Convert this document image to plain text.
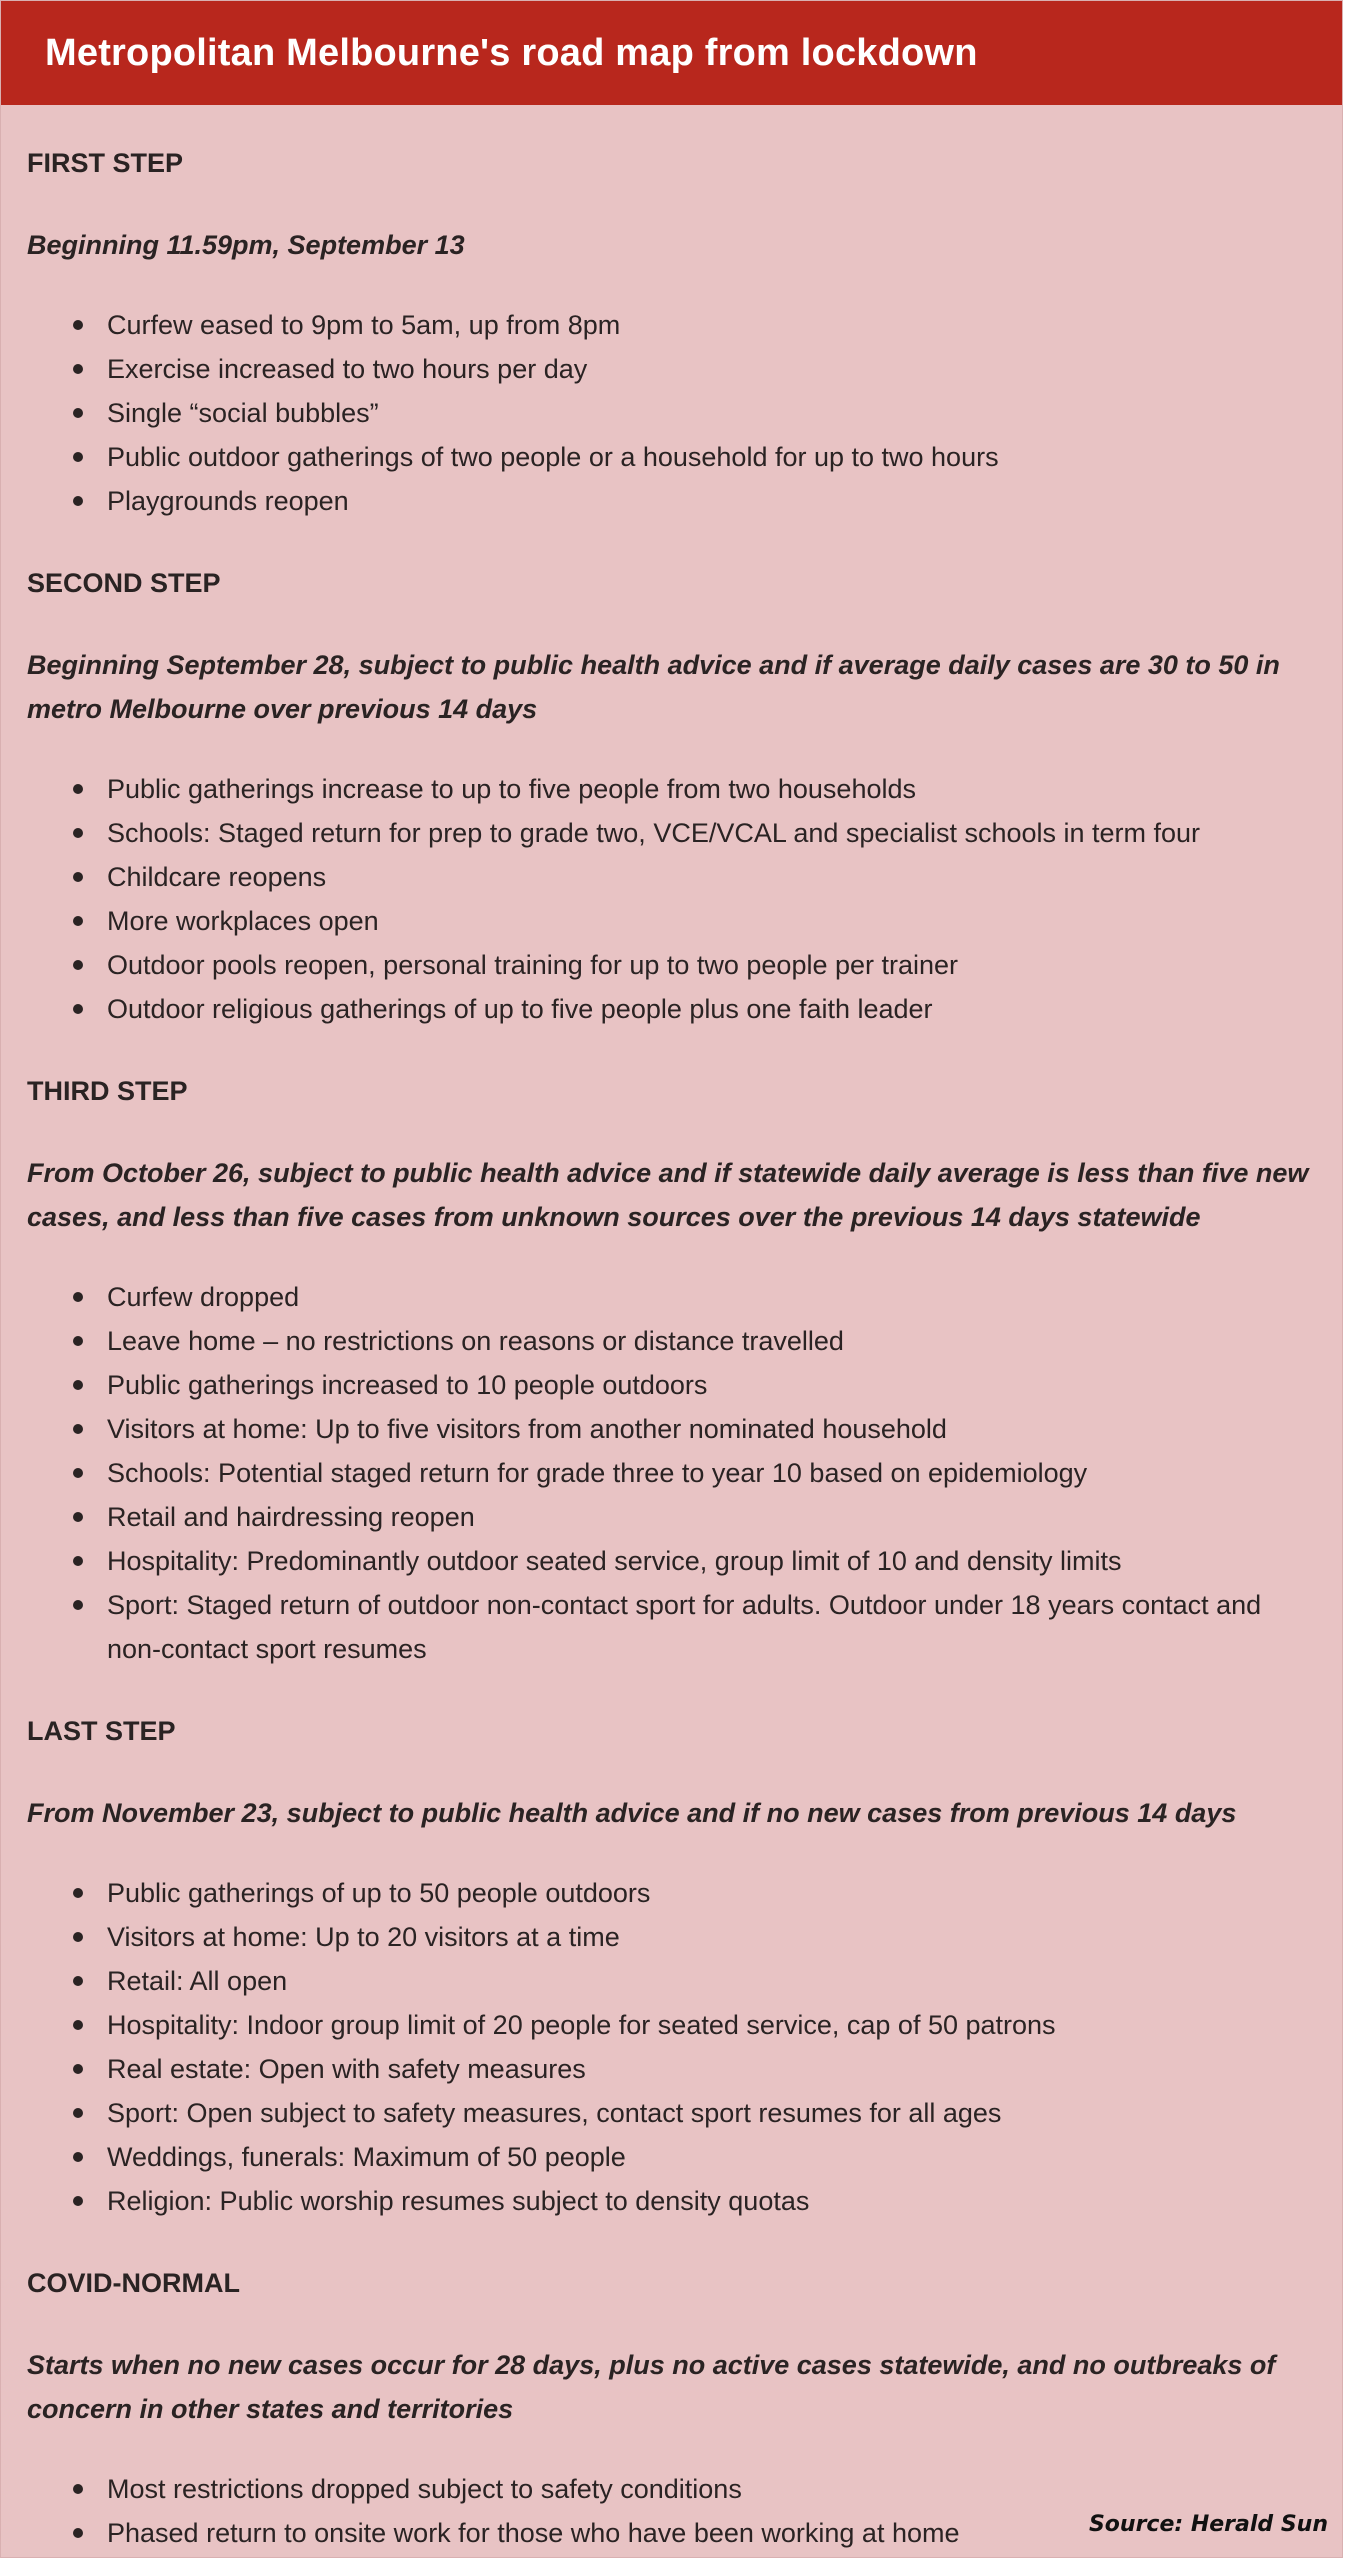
Metropolitan Melbourne's road map from lockdown
FIRST STEP
Beginning 11.59pm, September 13
Curfew eased to 9pm to 5am, up from 8pm
Exercise increased to two hours per day
Single “social bubbles”
Public outdoor gatherings of two people or a household for up to two hours
Playgrounds reopen
SECOND STEP
Beginning September 28, subject to public health advice and if average daily cases are 30 to 50 in metro Melbourne over previous 14 days
Public gatherings increase to up to five people from two households
Schools: Staged return for prep to grade two, VCE/VCAL and specialist schools in term four
Childcare reopens
More workplaces open
Outdoor pools reopen, personal training for up to two people per trainer
Outdoor religious gatherings of up to five people plus one faith leader
THIRD STEP
From October 26, subject to public health advice and if statewide daily average is less than five new cases, and less than five cases from unknown sources over the previous 14 days statewide
Curfew dropped
Leave home – no restrictions on reasons or distance travelled
Public gatherings increased to 10 people outdoors
Visitors at home: Up to five visitors from another nominated household
Schools: Potential staged return for grade three to year 10 based on epidemiology
Retail and hairdressing reopen
Hospitality: Predominantly outdoor seated service, group limit of 10 and density limits
Sport: Staged return of outdoor non-contact sport for adults. Outdoor under 18 years contact and non-contact sport resumes
LAST STEP
From November 23, subject to public health advice and if no new cases from previous 14 days
Public gatherings of up to 50 people outdoors
Visitors at home: Up to 20 visitors at a time
Retail: All open
Hospitality: Indoor group limit of 20 people for seated service, cap of 50 patrons
Real estate: Open with safety measures
Sport: Open subject to safety measures, contact sport resumes for all ages
Weddings, funerals: Maximum of 50 people
Religion: Public worship resumes subject to density quotas
COVID-NORMAL
Starts when no new cases occur for 28 days, plus no active cases statewide, and no outbreaks of concern in other states and territories
Most restrictions dropped subject to safety conditions
Phased return to onsite work for those who have been working at home	Source: Herald Sun
